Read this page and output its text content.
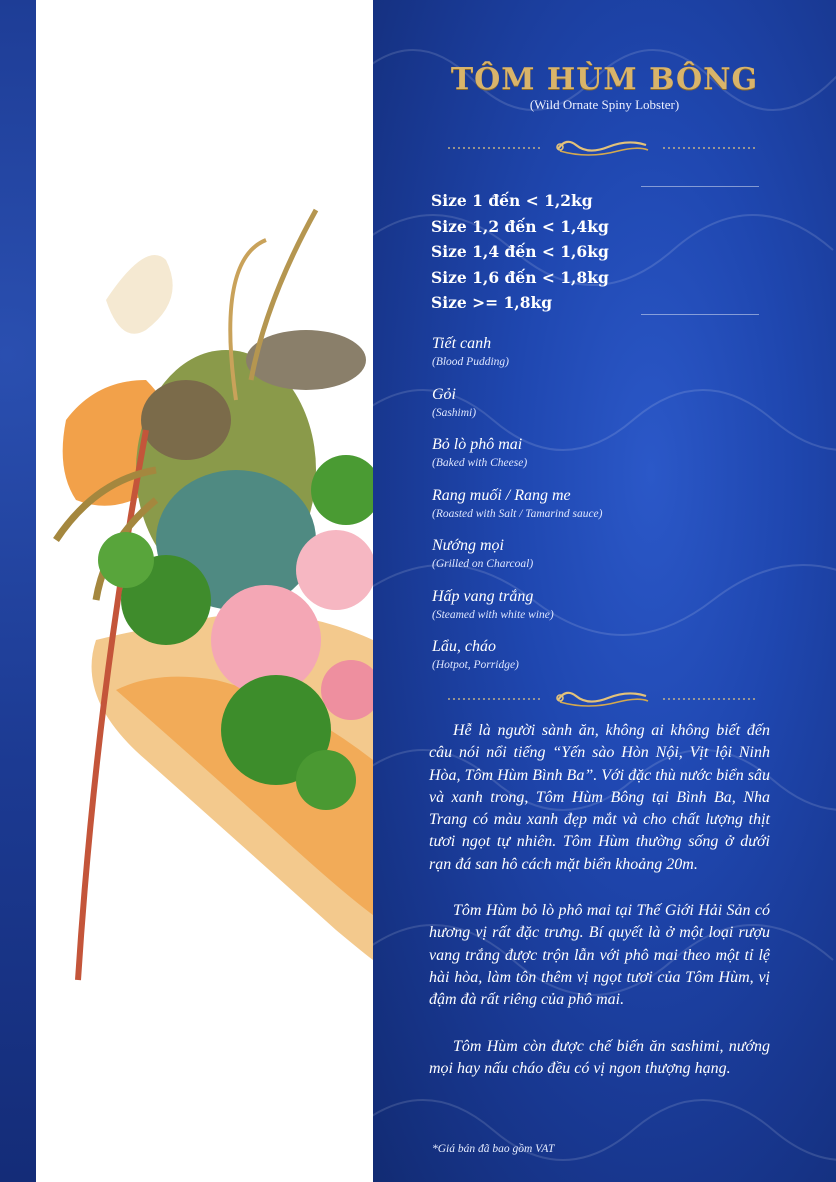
TÔM HÙM BÔNG
(Wild Ornate Spiny Lobster)
Size 1 đến < 1,2kg
Size 1,2 đến < 1,4kg
Size 1,4 đến < 1,6kg
Size 1,6 đến < 1,8kg
Size >= 1,8kg
Tiết canh
(Blood Pudding)
Gỏi
(Sashimi)
Bỏ lò phô mai
(Baked with Cheese)
Rang muối / Rang me
(Roasted with Salt / Tamarind sauce)
Nướng mọi
(Grilled on Charcoal)
Hấp vang trắng
(Steamed with white wine)
Lẩu, cháo
(Hotpot, Porridge)

Hễ là người sành ăn, không ai không biết đến câu nói nổi tiếng “Yến sào Hòn Nội, Vịt lội Ninh Hòa, Tôm Hùm Bình Ba”. Với đặc thù nước biển sâu và xanh trong, Tôm Hùm Bông tại Bình Ba, Nha Trang có màu xanh đẹp mắt và cho chất lượng thịt tươi ngọt tự nhiên. Tôm Hùm thường sống ở dưới rạn đá san hô cách mặt biển khoảng 20m.

Tôm Hùm bỏ lò phô mai tại Thế Giới Hải Sản có hương vị rất đặc trưng. Bí quyết là ở một loại rượu vang trắng được trộn lẫn với phô mai theo một tỉ lệ hài hòa, làm tôn thêm vị ngọt tươi của Tôm Hùm, vị đậm đà rất riêng của phô mai.

Tôm Hùm còn được chế biến ăn sashimi, nướng mọi hay nấu cháo đều có vị ngon thượng hạng.

*Giá bán đã bao gồm VAT
